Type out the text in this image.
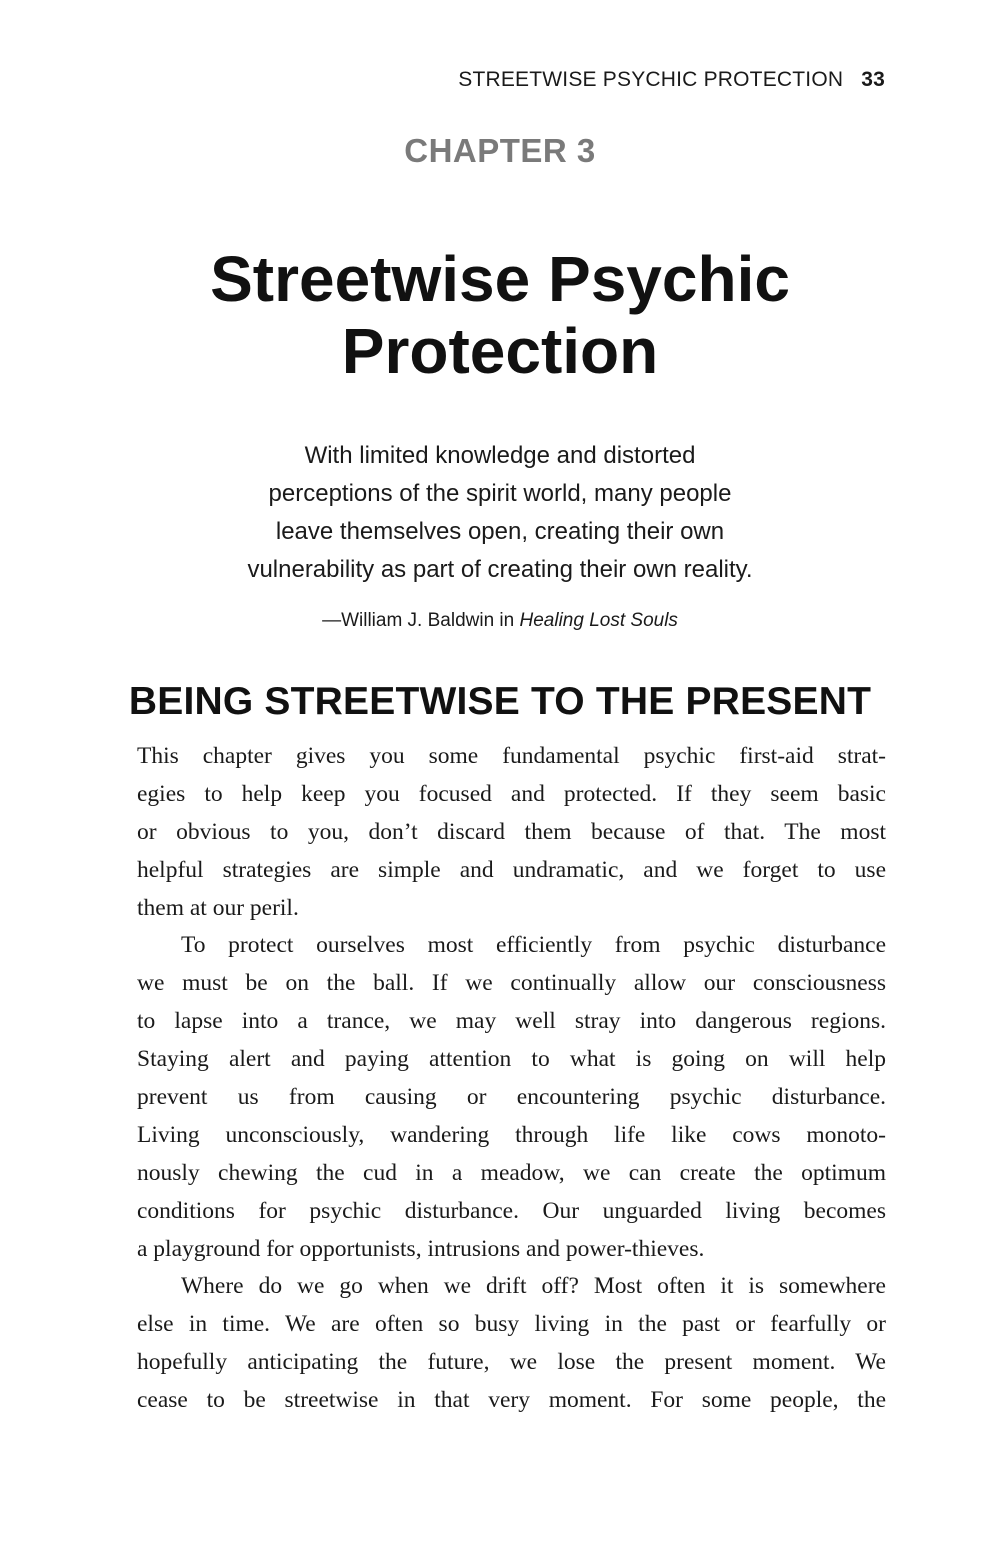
STREETWISE PSYCHIC PROTECTION 33
CHAPTER 3
Streetwise Psychic
Protection
With limited knowledge and distorted
perceptions of the spirit world, many people
leave themselves open, creating their own
vulnerability as part of creating their own reality.
—William J. Baldwin in Healing Lost Souls
BEING STREETWISE TO THE PRESENT
This chapter gives you some fundamental psychic first-aid strat-
egies to help keep you focused and protected. If they seem basic
or obvious to you, don’t discard them because of that. The most
helpful strategies are simple and undramatic, and we forget to use
them at our peril.
To protect ourselves most efficiently from psychic disturbance
we must be on the ball. If we continually allow our consciousness
to lapse into a trance, we may well stray into dangerous regions.
Staying alert and paying attention to what is going on will help
prevent us from causing or encountering psychic disturbance.
Living unconsciously, wandering through life like cows monoto-
nously chewing the cud in a meadow, we can create the optimum
conditions for psychic disturbance. Our unguarded living becomes
a playground for opportunists, intrusions and power-thieves.
Where do we go when we drift off? Most often it is somewhere
else in time. We are often so busy living in the past or fearfully or
hopefully anticipating the future, we lose the present moment. We
cease to be streetwise in that very moment. For some people, the
